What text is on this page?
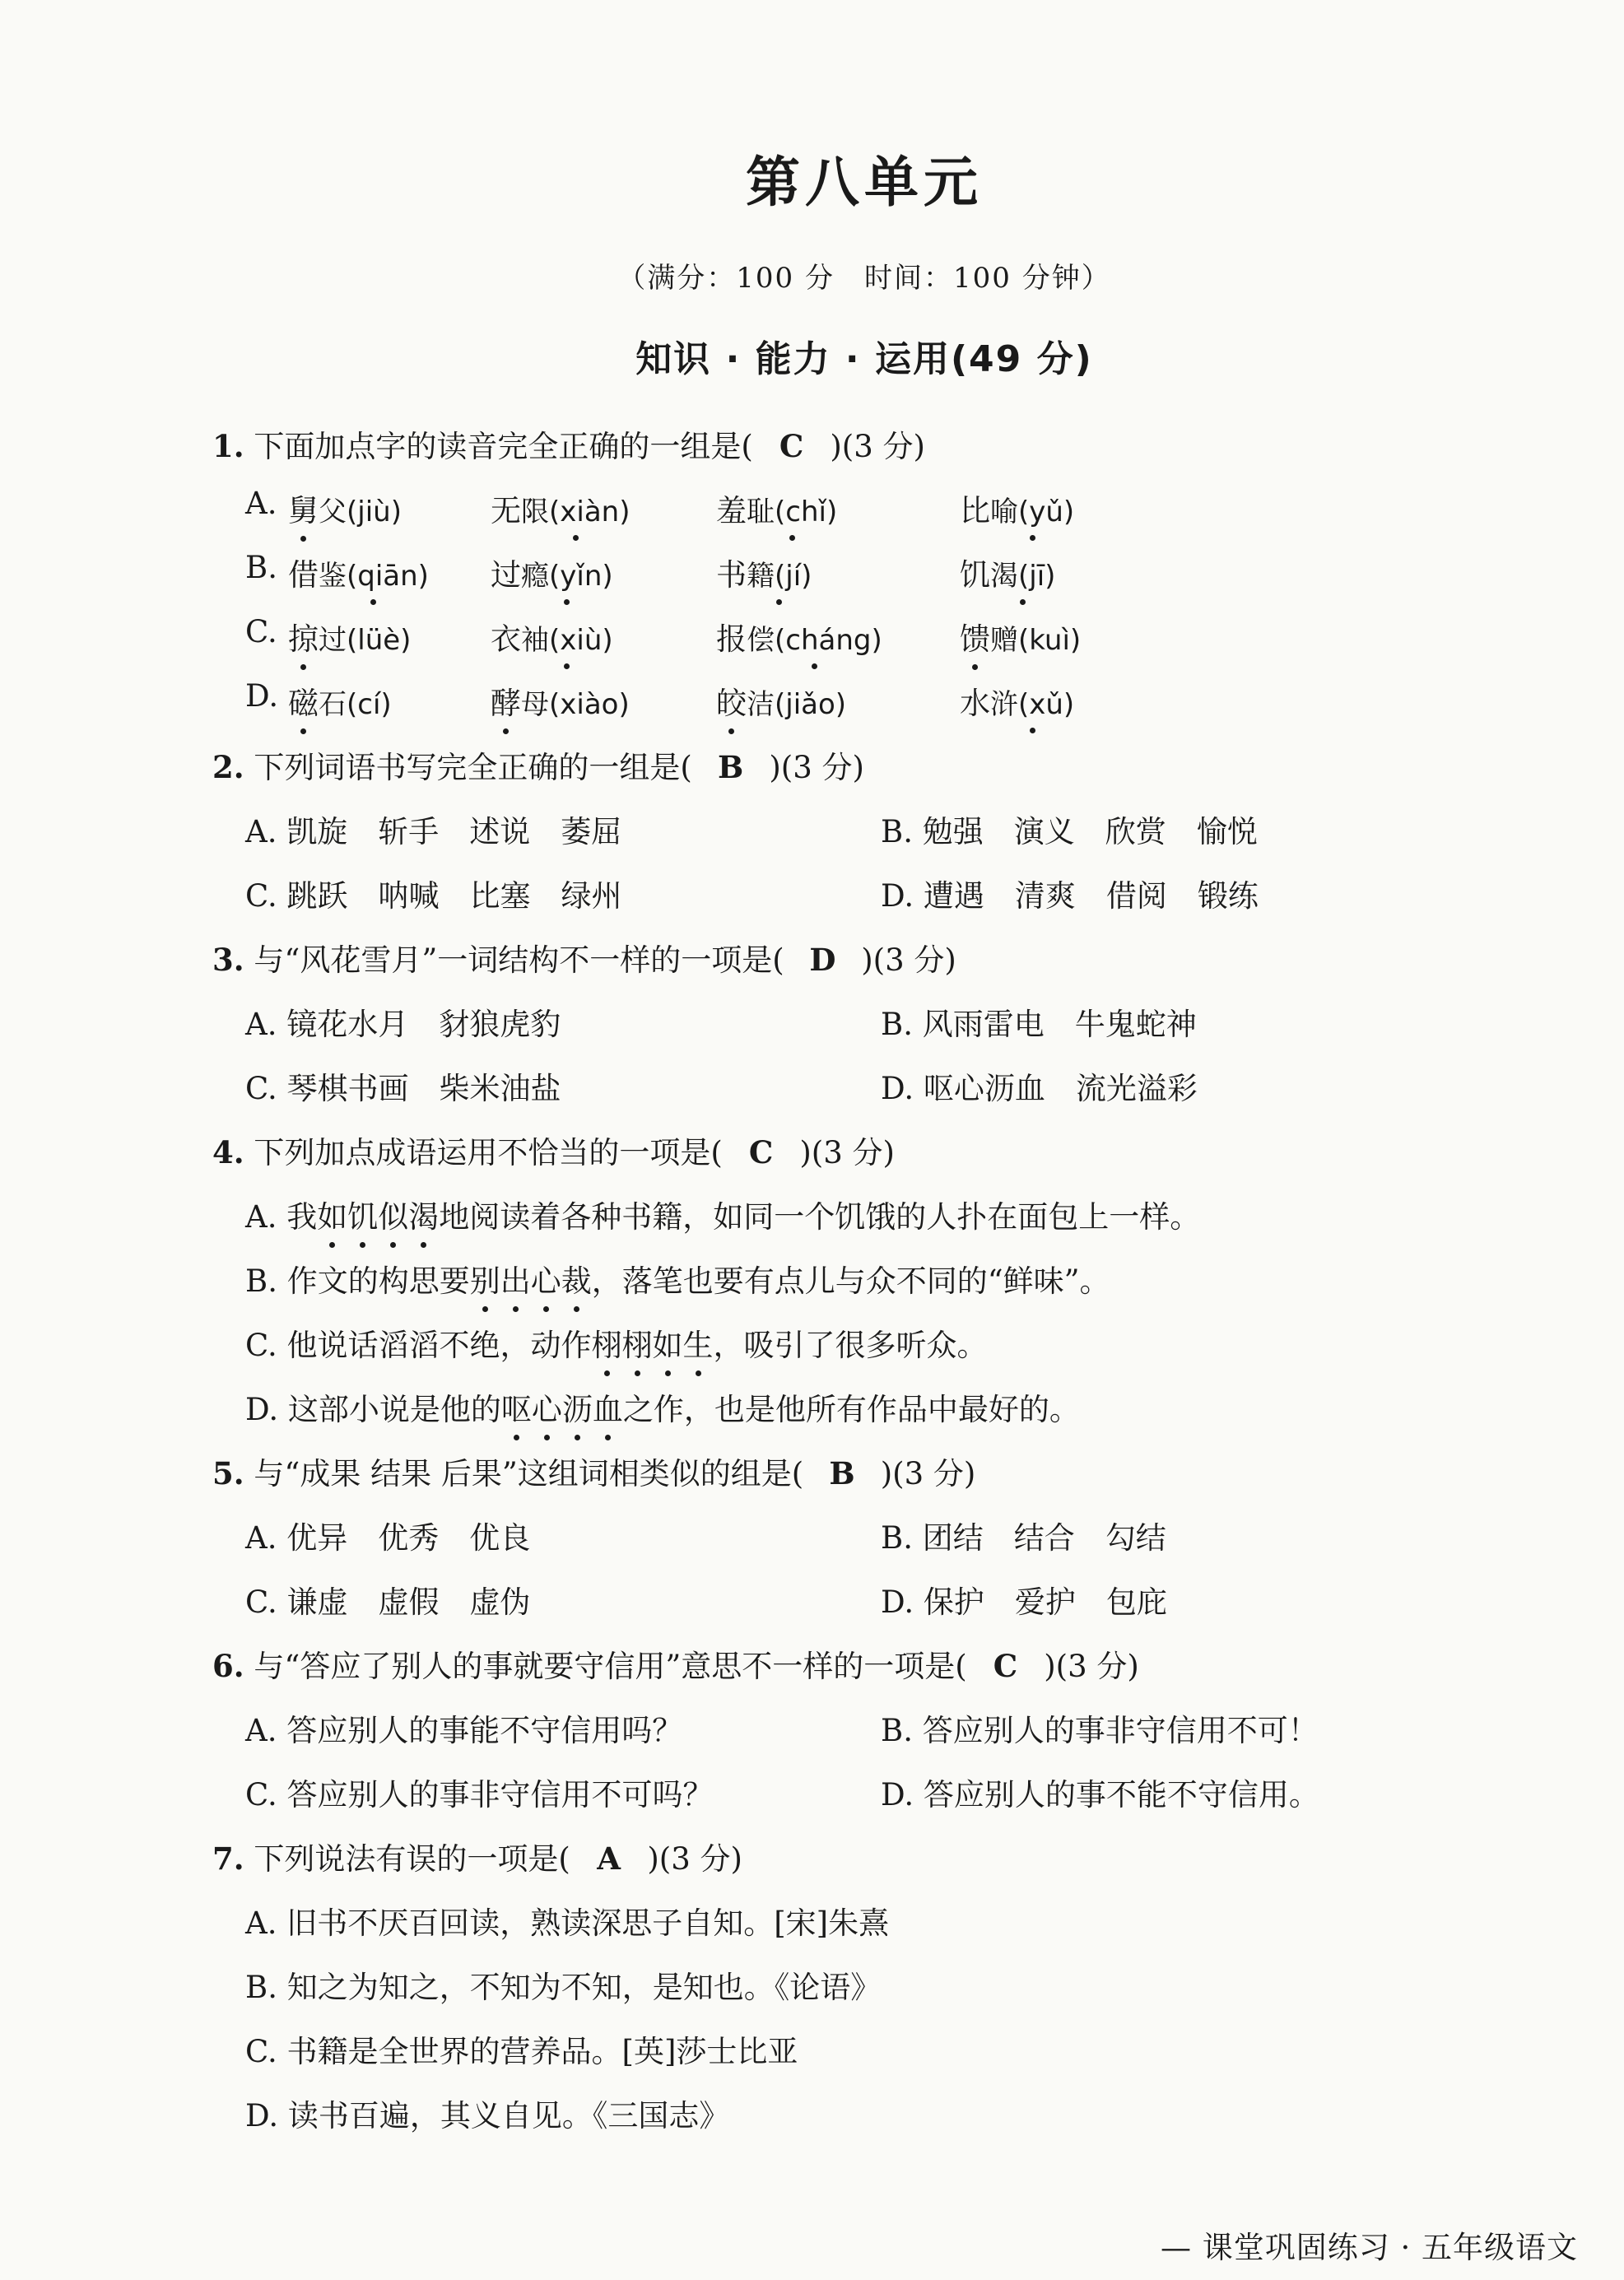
第八单元
（满分：100 分　时间：100 分钟）
知识 · 能力 · 运用(49 分)
1. 下面加点字的读音完全正确的一组是( C )(3 分)
A. 舅父(jiù)	无限(xiàn)	羞耻(chǐ)	比喻(yǔ)
B. 借鉴(qiān) 过瘾(yǐn)	书籍(jí)	饥渴(jī)
C. 掠过(lüè)	衣袖(xiù)	报偿(cháng)	馈赠(kuì)
D. 磁石(cí)	酵母(xiào)	皎洁(jiǎo)	水浒(xǔ)
2. 下列词语书写完全正确的一组是( B )(3 分)
A. 凯旋　斩手　述说　萎屈	B. 勉强　演义　欣赏　愉悦
C. 跳跃　呐喊　比塞　绿州	D. 遭遇　清爽　借阅　锻练
3. 与“风花雪月”一词结构不一样的一项是( D )(3 分)
A. 镜花水月　豺狼虎豹	B. 风雨雷电　牛鬼蛇神
C. 琴棋书画　柴米油盐	D. 呕心沥血　流光溢彩
4. 下列加点成语运用不恰当的一项是( C )(3 分)
A. 我如饥似渴地阅读着各种书籍，如同一个饥饿的人扑在面包上一样。
B. 作文的构思要别出心裁，落笔也要有点儿与众不同的“鲜味”。
C. 他说话滔滔不绝，动作栩栩如生，吸引了很多听众。
D. 这部小说是他的呕心沥血之作，也是他所有作品中最好的。
5. 与“成果 结果 后果”这组词相类似的组是( B )(3 分)
A. 优异　优秀　优良	B. 团结　结合　勾结
C. 谦虚　虚假　虚伪	D. 保护　爱护　包庇
6. 与“答应了别人的事就要守信用”意思不一样的一项是( C )(3 分)
A. 答应别人的事能不守信用吗？	B. 答应别人的事非守信用不可！
C. 答应别人的事非守信用不可吗？	D. 答应别人的事不能不守信用。
7. 下列说法有误的一项是( A )(3 分)
A. 旧书不厌百回读，熟读深思子自知。[宋]朱熹
B. 知之为知之，不知为不知，是知也。《论语》
C. 书籍是全世界的营养品。[英]莎士比亚
D. 读书百遍，其义自见。《三国志》
— 课堂巩固练习 · 五年级语文
